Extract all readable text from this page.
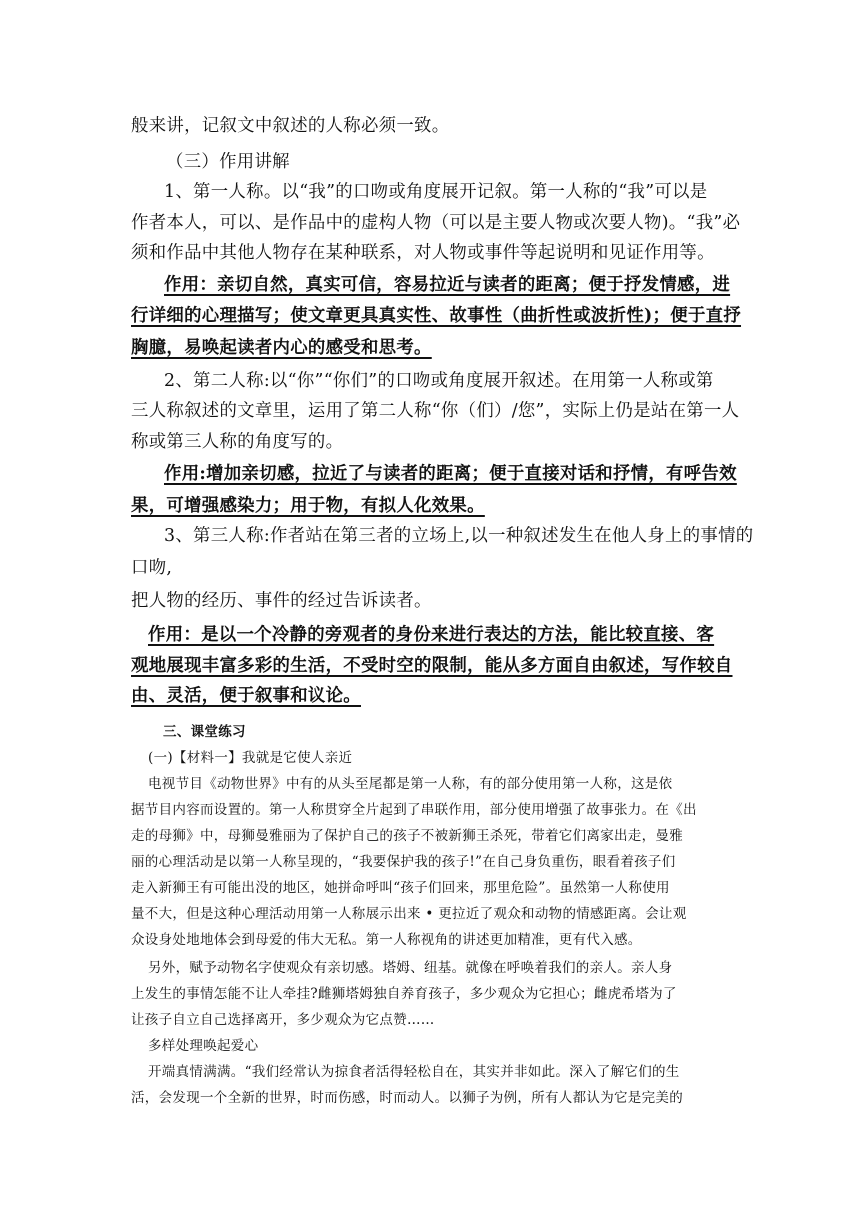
般来讲，记叙文中叙述的人称必须一致。

（三）作用讲解

1、第一人称。以“我”的口吻或角度展开记叙。第一人称的“我”可以是

作者本人，可以、是作品中的虚构人物（可以是主要人物或次要人物)。“我”必

须和作品中其他人物存在某种联系，对人物或事件等起说明和见证作用等。

作用：亲切自然，真实可信，容易拉近与读者的距离；便于抒发情感，进

行详细的心理描写；使文章更具真实性、故事性（曲折性或波折性)；便于直抒

胸臆，易唤起读者内心的感受和思考。

2、第二人称:以“你”“你们”的口吻或角度展开叙述。在用第一人称或第

三人称叙述的文章里，运用了第二人称“你（们）/您”，实际上仍是站在第一人

称或第三人称的角度写的。

作用:增加亲切感，拉近了与读者的距离；便于直接对话和抒情，有呼告效

果，可增强感染力；用于物，有拟人化效果。

3、第三人称:作者站在第三者的立场上,以一种叙述发生在他人身上的事情的

口吻,

把人物的经历、事件的经过告诉读者。

作用：是以一个冷静的旁观者的身份来进行表达的方法，能比较直接、客

观地展现丰富多彩的生活，不受时空的限制，能从多方面自由叙述，写作较自

由、灵活，便于叙事和议论。

三、课堂练习

(一)【材料一】我就是它使人亲近

电视节目《动物世界》中有的从头至尾都是第一人称，有的部分使用第一人称，这是依

据节目内容而设置的。第一人称贯穿全片起到了串联作用，部分使用增强了故事张力。在《出

走的母狮》中，母狮曼雅丽为了保护自己的孩子不被新狮王杀死，带着它们离家出走，曼雅

丽的心理活动是以第一人称呈现的，“我要保护我的孩子!”在自己身负重伤，眼看着孩子们

走入新狮王有可能出没的地区，她拼命呼叫“孩子们回来，那里危险”。虽然第一人称使用

量不大，但是这种心理活动用第一人称展示出来 • 更拉近了观众和动物的情感距离。会让观

众设身处地地体会到母爱的伟大无私。第一人称视角的讲述更加精准，更有代入感。

另外，赋予动物名字使观众有亲切感。塔姆、纽基。就像在呼唤着我们的亲人。亲人身

上发生的事情怎能不让人牵挂?雌狮塔姆独自养育孩子，多少观众为它担心；雌虎希塔为了

让孩子自立自己选择离开，多少观众为它点赞……

多样处理唤起爱心

开端真情满满。“我们经常认为掠食者活得轻松自在，其实并非如此。深入了解它们的生

活，会发现一个全新的世界，时而伤感，时而动人。以狮子为例，所有人都认为它是完美的
